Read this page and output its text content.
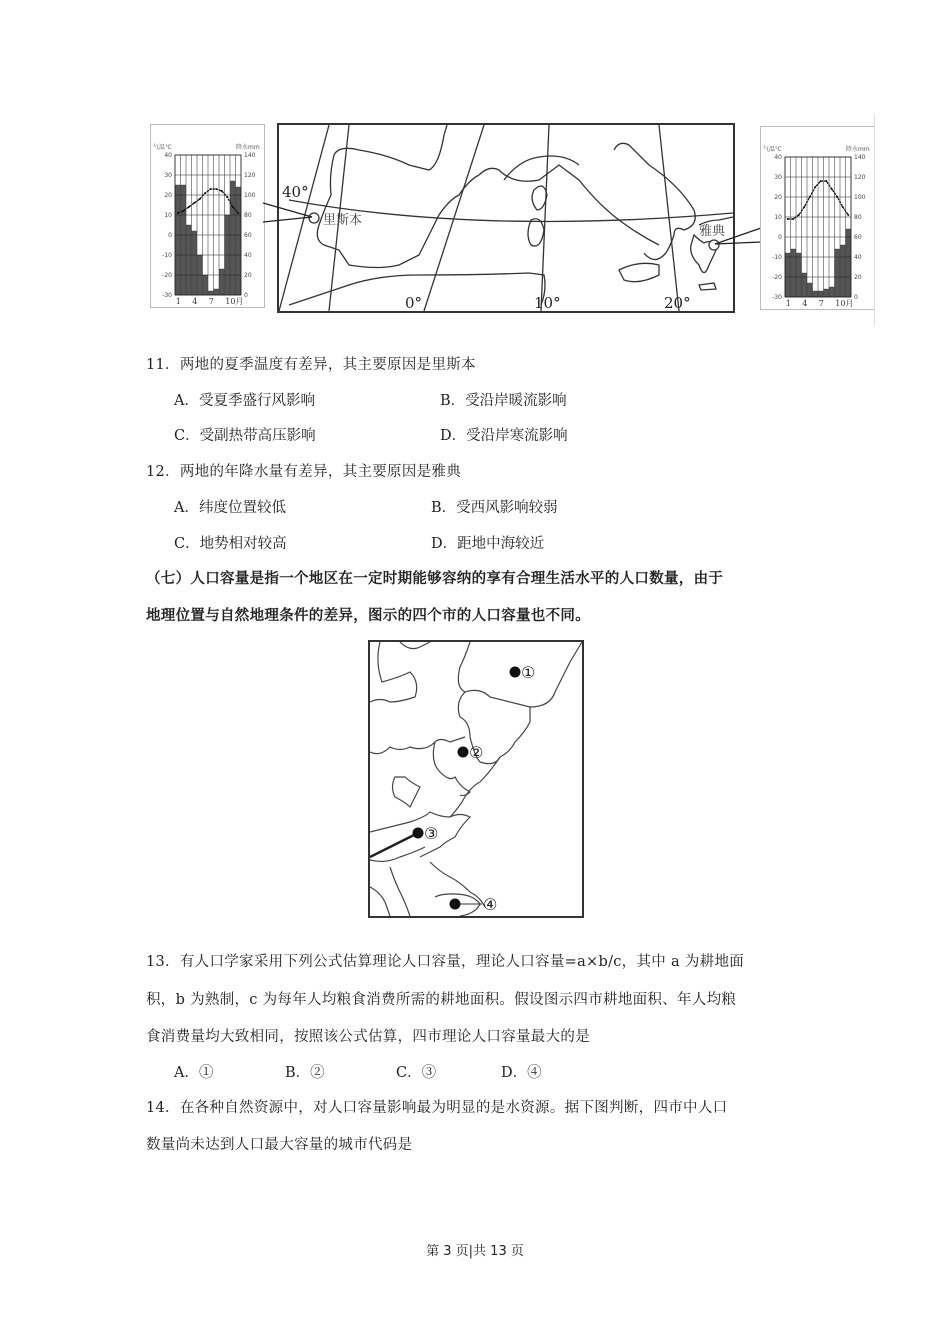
气温℃	降水mm
40	140
30	120
20	100
10	80
0	60
-10	40
-20	20
-30	0
1 4 7 10月
40°
里斯本
雅典
0°	10°	20°
气温℃	降水mm
40	140
30	120
20	100
10	80
0	60
-10	40
-20	20
-30	0
1 4 7 10月
11．两地的夏季温度有差异，其主要原因是里斯本
A．受夏季盛行风影响	B．受沿岸暖流影响
C．受副热带高压影响	D．受沿岸寒流影响
12．两地的年降水量有差异，其主要原因是雅典
A．纬度位置较低	B．受西风影响较弱
C．地势相对较高	D．距地中海较近
（七）人口容量是指一个地区在一定时期能够容纳的享有合理生活水平的人口数量，由于
地理位置与自然地理条件的差异，图示的四个市的人口容量也不同。
①
②
③
④
13．有人口学家采用下列公式估算理论人口容量，理论人口容量=a×b/c，其中 a 为耕地面
积，b 为熟制，c 为每年人均粮食消费所需的耕地面积。假设图示四市耕地面积、年人均粮
食消费量均大致相同，按照该公式估算，四市理论人口容量最大的是
A．①	B．②	C．③	D．④
14．在各种自然资源中，对人口容量影响最为明显的是水资源。据下图判断，四市中人口
数量尚未达到人口最大容量的城市代码是
第 3 页|共 13 页
